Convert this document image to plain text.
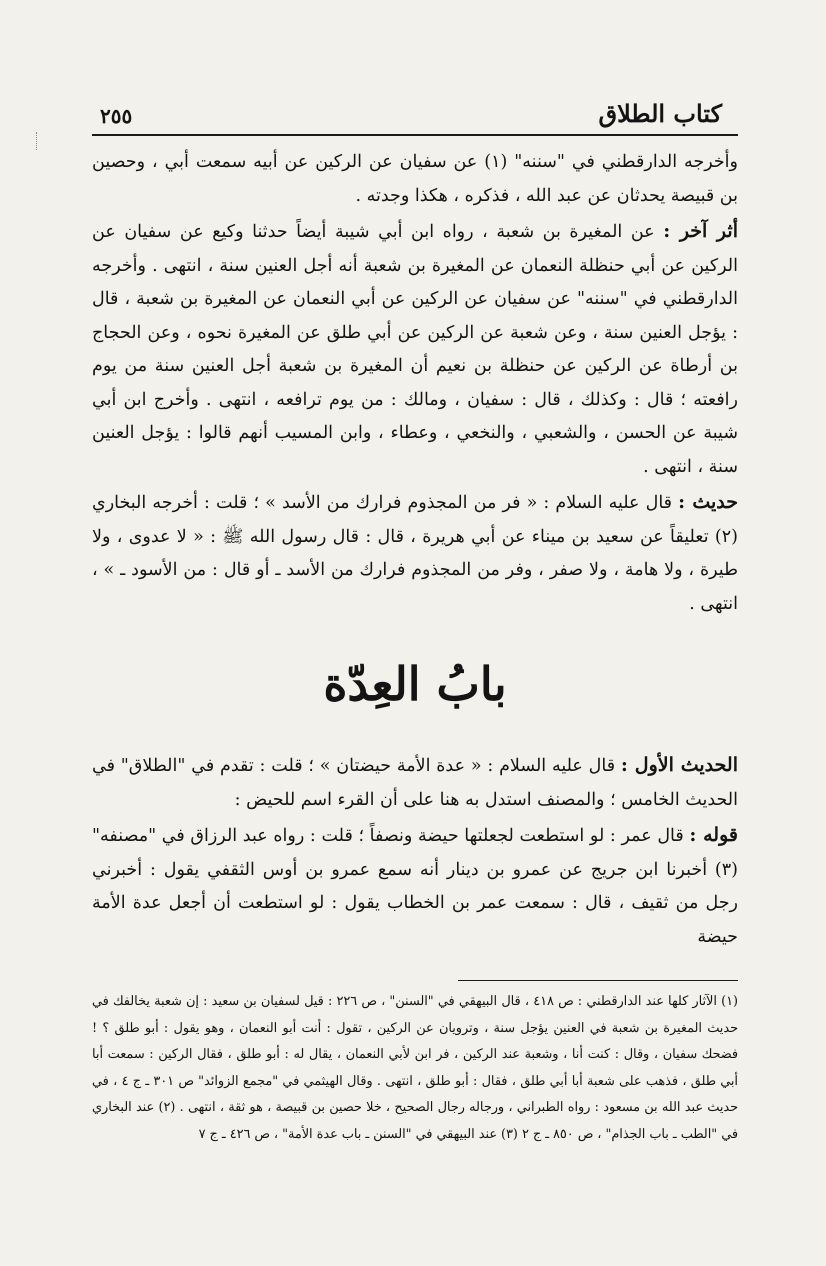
كتاب الطلاق
٢٥٥

وأخرجه الدارقطني في "سننه" (١) عن سفيان عن الركين عن أبيه سمعت أبي ، وحصين بن قبيصة يحدثان عن عبد الله ، فذكره ، هكذا وجدته .

أثر آخر : عن المغيرة بن شعبة ، رواه ابن أبي شيبة أيضاً حدثنا وكيع عن سفيان عن الركين عن أبي حنظلة النعمان عن المغيرة بن شعبة أنه أجل العنين سنة ، انتهى . وأخرجه الدارقطني في "سننه" عن سفيان عن الركين عن أبي النعمان عن المغيرة بن شعبة ، قال : يؤجل العنين سنة ، وعن شعبة عن الركين عن أبي طلق عن المغيرة نحوه ، وعن الحجاج بن أرطاة عن الركين عن حنظلة بن نعيم أن المغيرة بن شعبة أجل العنين سنة من يوم رافعته ؛ قال : وكذلك ، قال : سفيان ، ومالك : من يوم ترافعه ، انتهى . وأخرج ابن أبي شيبة عن الحسن ، والشعبي ، والنخعي ، وعطاء ، وابن المسيب أنهم قالوا : يؤجل العنين سنة ، انتهى .

حديث : قال عليه السلام : « فر من المجذوم فرارك من الأسد » ؛ قلت : أخرجه البخاري (٢) تعليقاً عن سعيد بن ميناء عن أبي هريرة ، قال : قال رسول الله ﷺ : « لا عدوى ، ولا طيرة ، ولا هامة ، ولا صفر ، وفر من المجذوم فرارك من الأسد ـ أو قال : من الأسود ـ » ، انتهى .

بابُ العِدّة

الحديث الأول : قال عليه السلام : « عدة الأمة حيضتان » ؛ قلت : تقدم في "الطلاق" في الحديث الخامس ؛ والمصنف استدل به هنا على أن القرء اسم للحيض :

قوله : قال عمر : لو استطعت لجعلتها حيضة ونصفاً ؛ قلت : رواه عبد الرزاق في "مصنفه" (٣) أخبرنا ابن جريج عن عمرو بن دينار أنه سمع عمرو بن أوس الثقفي يقول : أخبرني رجل من ثقيف ، قال : سمعت عمر بن الخطاب يقول : لو استطعت أن أجعل عدة الأمة حيضة

(١) الآثار كلها عند الدارقطني : ص ٤١٨ ، قال البيهقي في "السنن" ، ص ٢٢٦ : قيل لسفيان بن سعيد : إن شعبة يخالفك في حديث المغيرة بن شعبة في العنين يؤجل سنة ، وترويان عن الركين ، تقول : أنت أبو النعمان ، وهو يقول : أبو طلق ؟ ! فضحك سفيان ، وقال : كنت أنا ، وشعبة عند الركين ، فر ابن لأبي النعمان ، يقال له : أبو طلق ، فقال الركين : سمعت أبا أبي طلق ، فذهب على شعبة أبا أبي طلق ، فقال : أبو طلق ، انتهى . وقال الهيثمي في "مجمع الزوائد" ص ٣٠١ ـ ج ٤ ، في حديث عبد الله بن مسعود : رواه الطبراني ، ورجاله رجال الصحيح ، خلا حصين بن قبيصة ، هو ثقة ، انتهى . (٢) عند البخاري في "الطب ـ باب الجذام" ، ص ٨٥٠ ـ ج ٢ (٣) عند البيهقي في "السنن ـ باب عدة الأمة" ، ص ٤٢٦ ـ ج ٧
